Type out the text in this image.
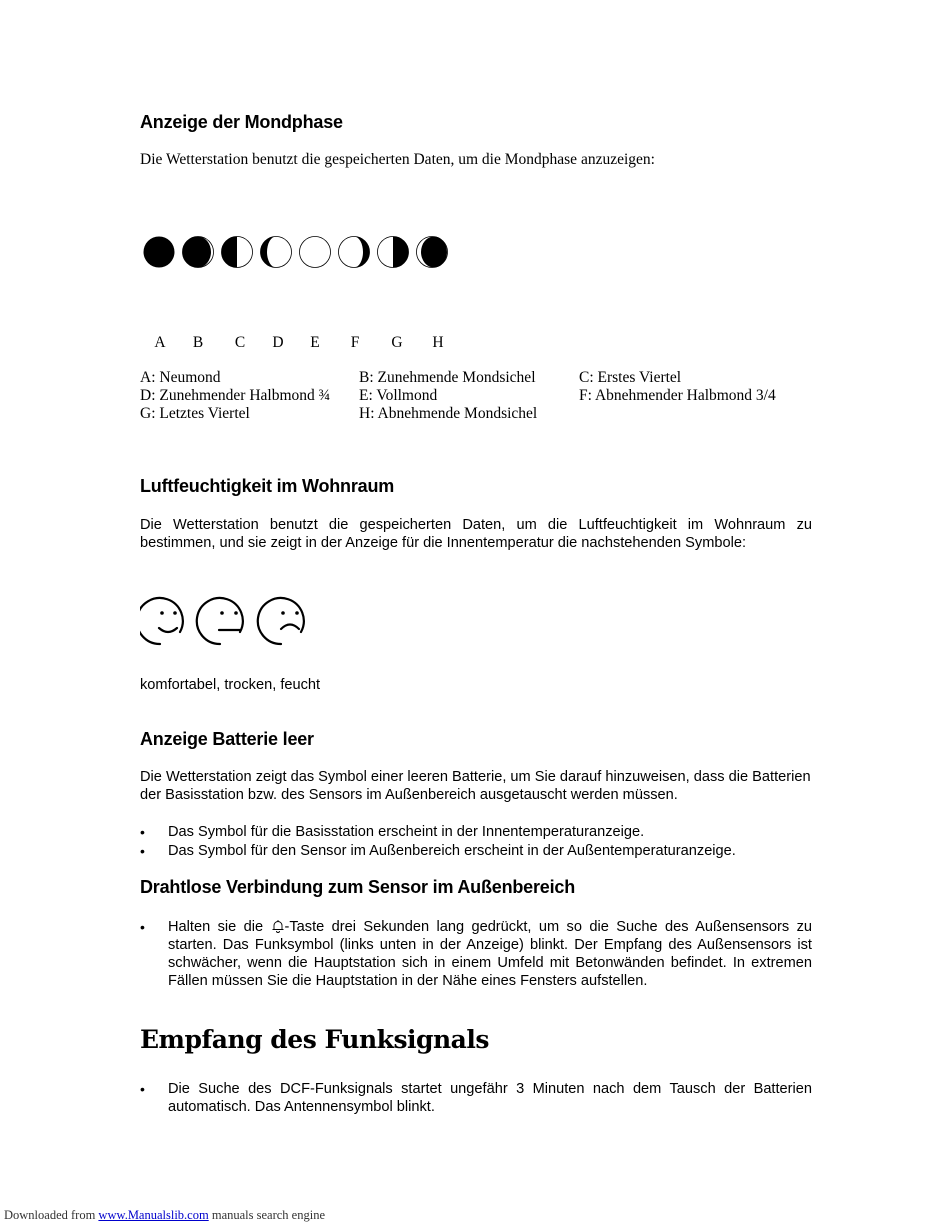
Anzeige der Mondphase
Die Wetterstation benutzt die gespeicherten Daten, um die Mondphase anzuzeigen:
A	B	C	D	E	F	G H
A: Neumond	B: Zunehmende Mondsichel	C: Erstes Viertel
D: Zunehmender Halbmond ¾ E: Vollmond	F: Abnehmender Halbmond 3/4
G: Letztes Viertel	H: Abnehmende Mondsichel
Luftfeuchtigkeit im Wohnraum
Die Wetterstation benutzt die gespeicherten Daten, um die Luftfeuchtigkeit im Wohnraum zu bestimmen, und sie zeigt in der Anzeige für die Innentemperatur die nachstehenden Symbole:
komfortabel, trocken, feucht
Anzeige Batterie leer
Die Wetterstation zeigt das Symbol einer leeren Batterie, um Sie darauf hinzuweisen, dass die Batterien der Basisstation bzw. des Sensors im Außenbereich ausgetauscht werden müssen.
• Das Symbol für die Basisstation erscheint in der Innentemperaturanzeige.
• Das Symbol für den Sensor im Außenbereich erscheint in der Außentemperaturanzeige.
Drahtlose Verbindung zum Sensor im Außenbereich
• Halten sie die -Taste drei Sekunden lang gedrückt, um so die Suche des Außensensors zu starten. Das Funksymbol (links unten in der Anzeige) blinkt. Der Empfang des Außensensors ist schwächer, wenn die Hauptstation sich in einem Umfeld mit Betonwänden befindet. In extremen Fällen müssen Sie die Hauptstation in der Nähe eines Fensters aufstellen.
Empfang des Funksignals
• Die Suche des DCF-Funksignals startet ungefähr 3 Minuten nach dem Tausch der Batterien automatisch. Das Antennensymbol blinkt.
Downloaded from www.Manualslib.com manuals search engine
